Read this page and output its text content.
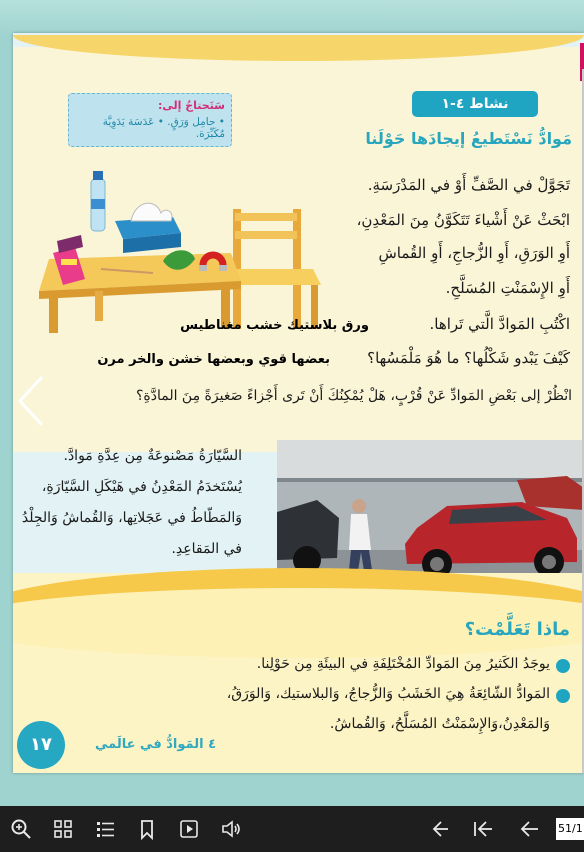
نشاط ٤-١
مَوادُّ نَسْتَطيعُ إيجادَها حَوْلَنا
سَتَحتاجُ إلى:
• حامِل وَرَقٍ. • عَدَسَة يَدَوِيَّة مُكَبِّرَة.
تَجَوَّلْ في الصَّفِّ أَوْ في المَدْرَسَةِ.
ابْحَثْ عَنْ أَشْياءَ تَتَكَوَّنُ مِنَ المَعْدِنِ،
أَوِ الوَرَقِ، أَوِ الزُّجاجِ، أَوِ القُماشِ
أَوِ الإِسْمَنْتِ المُسَلَّحِ.
اكْتُبِ المَوادَّ الَّتي تَراها.
ورق بلاستيك خشب مغناطيس
كَيْفَ يَبْدو شَكْلُها؟ ما هُوَ مَلْمَسُها؟
بعضها قوي وبعضها خشن والخر مرن
انْظُرْ إلى بَعْضِ المَوادِّ عَنْ قُرْبٍ، هَلْ يُمْكِنُكَ أَنْ تَرى أَجْزاءً صَغيرَةً مِنَ المادَّةِ؟
السَّيّارَةُ مَصْنوعَةٌ مِن عِدَّةِ مَوادَّ.
يُسْتَخدَمُ المَعْدِنُ في هَيْكَلِ السَّيّارَةِ،
وَالمَطّاطُ في عَجَلاتِها، وَالقُماشُ وَالجِلْدُ
في المَقاعِدِ.
ماذا تَعَلَّمْت؟
يوجَدُ الكَثيرُ مِنَ المَوادِّ المُخْتَلِفَةِ في البيئَةِ مِن حَوْلِنا.
المَوادُّ الشّائِعَةُ هِيَ الخَشَبُ وَالزُّجاجُ، وَالبلاستيك، وَالوَرَقُ،
وَالمَعْدِنُ،وَالإِسْمَنْتُ المُسَلَّحُ، وَالقُماشُ.
١٧	٤ المَوادُّ في عالَمي
51/1
